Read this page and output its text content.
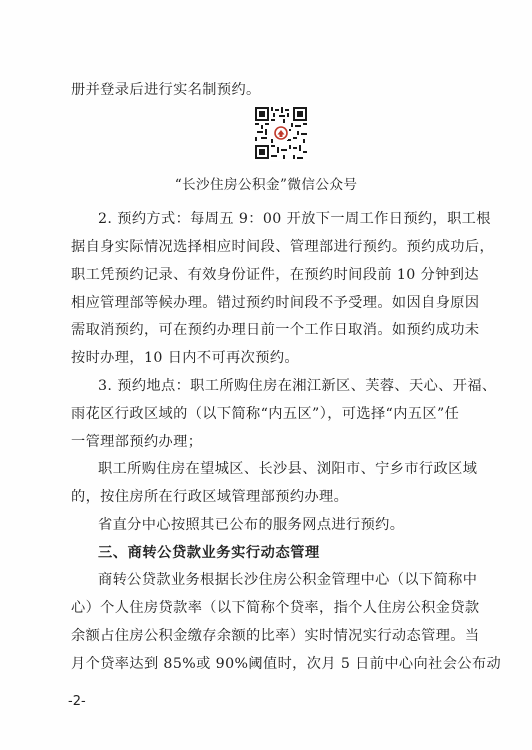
册并登录后进行实名制预约。
“长沙住房公积金”微信公众号
2. 预约方式：每周五 9：00 开放下一周工作日预约，职工根
据自身实际情况选择相应时间段、管理部进行预约。预约成功后，
职工凭预约记录、有效身份证件，在预约时间段前 10 分钟到达
相应管理部等候办理。错过预约时间段不予受理。如因自身原因
需取消预约，可在预约办理日前一个工作日取消。如预约成功未
按时办理，10 日内不可再次预约。
3. 预约地点：职工所购住房在湘江新区、芙蓉、天心、开福、
雨花区行政区域的（以下简称“内五区”），可选择“内五区”任
一管理部预约办理；
职工所购住房在望城区、长沙县、浏阳市、宁乡市行政区域
的，按住房所在行政区域管理部预约办理。
省直分中心按照其已公布的服务网点进行预约。
三、商转公贷款业务实行动态管理
商转公贷款业务根据长沙住房公积金管理中心（以下简称中
心）个人住房贷款率（以下简称个贷率，指个人住房公积金贷款
余额占住房公积金缴存余额的比率）实时情况实行动态管理。当
月个贷率达到 85%或 90%阈值时，次月 5 日前中心向社会公布动
-2-
